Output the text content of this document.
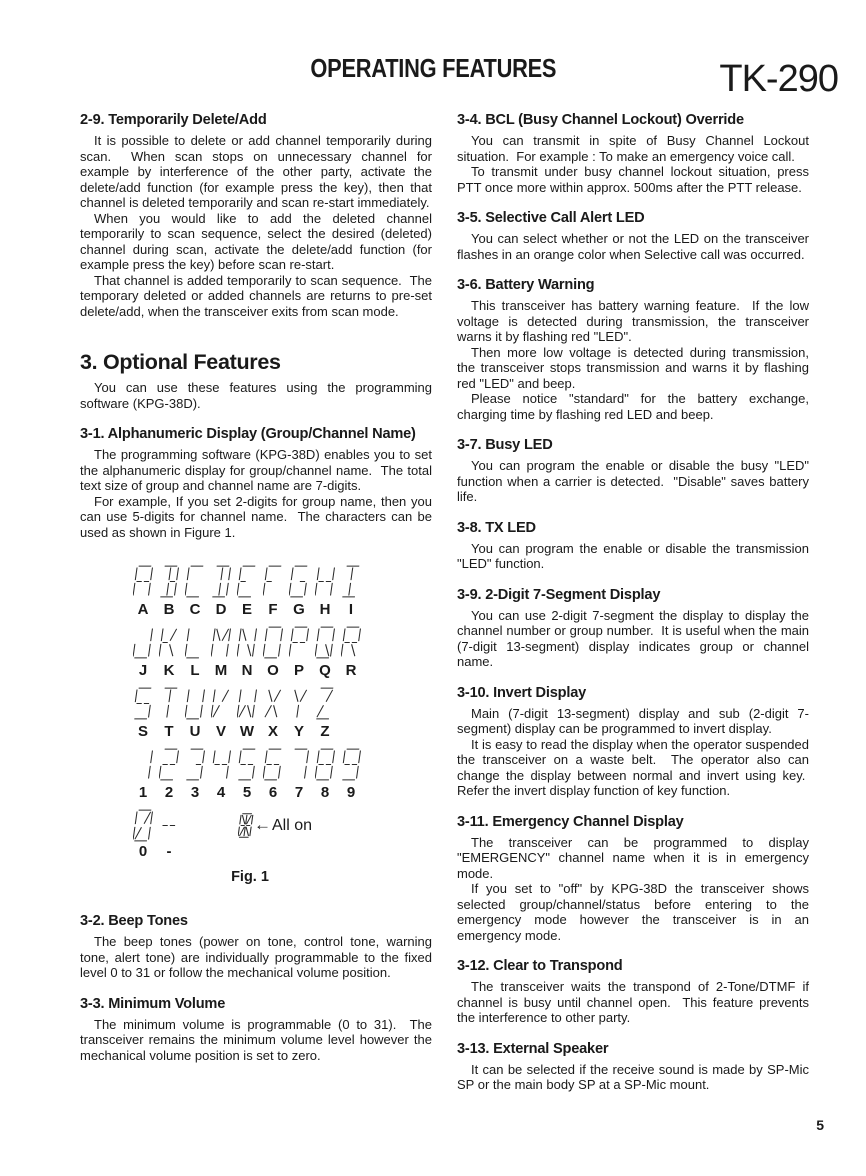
TK-290
OPERATING FEATURES
2-9. Temporarily Delete/Add

It is possible to delete or add channel temporarily during scan.  When scan stops on unnecessary channel for example by interference of the other party, activate the delete/add function (for example press the key), then that channel is deleted temporarily and scan re-start immediately.

When you would like to add the deleted channel temporarily to scan sequence, select the desired (deleted) channel during scan, activate the delete/add function (for example press the key) before scan re-start.

That channel is added temporarily to scan sequence.  The temporary deleted or added channels are returns to pre-set delete/add, when the transceiver exits from scan mode.

3. Optional Features

You can use these features using the programming software (KPG-38D).

3-1. Alphanumeric Display (Group/Channel Name)

The programming software (KPG-38D) enables you to set the alphanumeric display for group/channel name.  The total text size of group and channel name are 7-digits.

For example, If you set 2-digits for group name, then you can use 5-digits for channel name.  The characters can be used as shown in Figure 1.

A	B	C	D	E	F	G H	I
J	K	L	M N O	P	Q R
S	T	U	V W X	Y	Z
1	2	3	4	5	6	7	8	9
←All on
0	-
Fig. 1
3-2. Beep Tones

The beep tones (power on tone, control tone, warning tone, alert tone) are individually programmable to the fixed level 0 to 31 or follow the mechanical volume position.

3-3. Minimum Volume

The minimum volume is programmable (0 to 31).  The transceiver remains the minimum volume level however the mechanical volume position is set to zero.

3-4. BCL (Busy Channel Lockout) Override

You can transmit in spite of Busy Channel Lockout situation.  For example : To make an emergency voice call.

To transmit under busy channel lockout situation, press PTT once more within approx. 500ms after the PTT release.

3-5. Selective Call Alert LED

You can select whether or not the LED on the transceiver flashes in an orange color when Selective call was occurred.

3-6. Battery Warning

This transceiver has battery warning feature.  If the low voltage is detected during transmission, the transceiver warns it by flashing red "LED".

Then more low voltage is detected during transmission, the transceiver stops transmission and warns it by flashing red "LED" and beep.

Please notice "standard" for the battery exchange, charging time by flashing red LED and beep.

3-7. Busy LED

You can program the enable or disable the busy "LED" function when a carrier is detected.  "Disable" saves battery life.

3-8. TX LED

You can program the enable or disable the transmission "LED" function.

3-9. 2-Digit 7-Segment Display

You can use 2-digit 7-segment the display to display the channel number or group number.  It is useful when the main (7-digit 13-segment) display indicates group or channel name.

3-10. Invert Display

Main (7-digit 13-segment) display and sub (2-digit 7-segment) display can be programmed to invert display.

It is easy to read the display when the operator suspended the transceiver on a waste belt.  The operator also can change the display between normal and invert using key.  Refer the invert display function of key function.

3-11. Emergency Channel Display

The transceiver can be programmed to display "EMERGENCY" channel name when it is in emergency mode.

If you set to "off" by KPG-38D the transceiver shows selected group/channel/status before entering to the emergency mode however the transceiver is in an emergency mode.

3-12. Clear to Transpond

The transceiver waits the transpond of 2-Tone/DTMF if channel is busy until channel open.  This feature prevents the interference to other party.

3-13. External Speaker

It can be selected if the receive sound is made by SP-Mic SP or the main body SP at a SP-Mic mount.

5
